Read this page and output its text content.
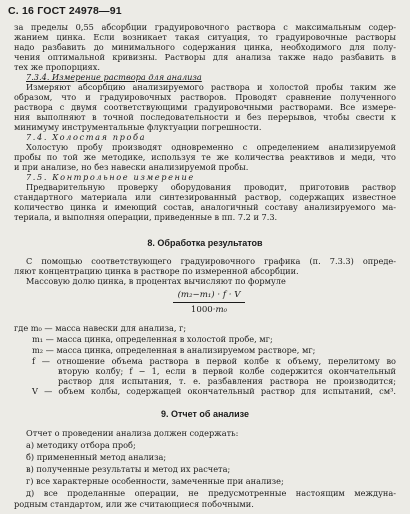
С. 16 ГОСТ 24978—91
за пределы 0,55 абсорбции градуировочного раствора с максимальным содер-
жанием цинка. Если возникает такая ситуация, то градуировочные растворы
надо разбавить до минимального содержания цинка, необходимого для полу-
чения оптимальной кривизны. Растворы для анализа также надо разбавить в
тех же пропорциях.
7.3.4. Измерение раствора для анализа
Измеряют абсорбцию анализируемого раствора и холостой пробы таким же
образом, что и градуировочных растворов. Проводят сравнение полученного
раствора с двумя соответствующими градуировочными растворами. Все измере-
ния выполняют в точной последовательности и без перерывов, чтобы свести к
минимуму инструментальные флуктуации погрешности.
7.4. Холостая проба
Холостую пробу производят одновременно с определением анализируемой
пробы по той же методике, используя те же количества реактивов и меди, что
и при анализе, но без навески анализируемой пробы.
7.5. Контрольное измерение
Предварительную проверку оборудования проводит, приготовив раствор
стандартного материала или синтезированный раствор, содержащих известное
количество цинка и имеющий состав, аналогичный составу анализируемого ма-
териала, и выполняя операции, приведенные в пп. 7.2 и 7.3.
8. Обработка результатов
С помощью соответствующего градуировочного графика (п. 7.3.3) опреде-
ляют концентрацию цинка в растворе по измеренной абсорбции.
Массовую долю цинка, в процентах вычисляют по формуле
(m₂−m₁) · f · V
1000·m₀
где m₀ — масса навески для анализа, г;
m₁ — масса цинка, определенная в холостой пробе, мг;
m₂ — масса цинка, определенная в анализируемом растворе, мг;
f — отношение объема раствора в первой колбе к объему, перелитому во
вторую колбу; f − 1, если в первой колбе содержится окончательный
раствор для испытания, т. е. разбавления раствора не производится;
V — объем колбы, содержащей окончательный раствор для испытаний, см³.
9. Отчет об анализе
Отчет о проведении анализа должен содержать:
а) методику отбора проб;
б) примененный метод анализа;
в) полученные результаты и метод их расчета;
г) все характерные особенности, замеченные при анализе;
д) все проделанные операции, не предусмотренные настоящим междуна-
родным стандартом, или же считающиеся побочными.
